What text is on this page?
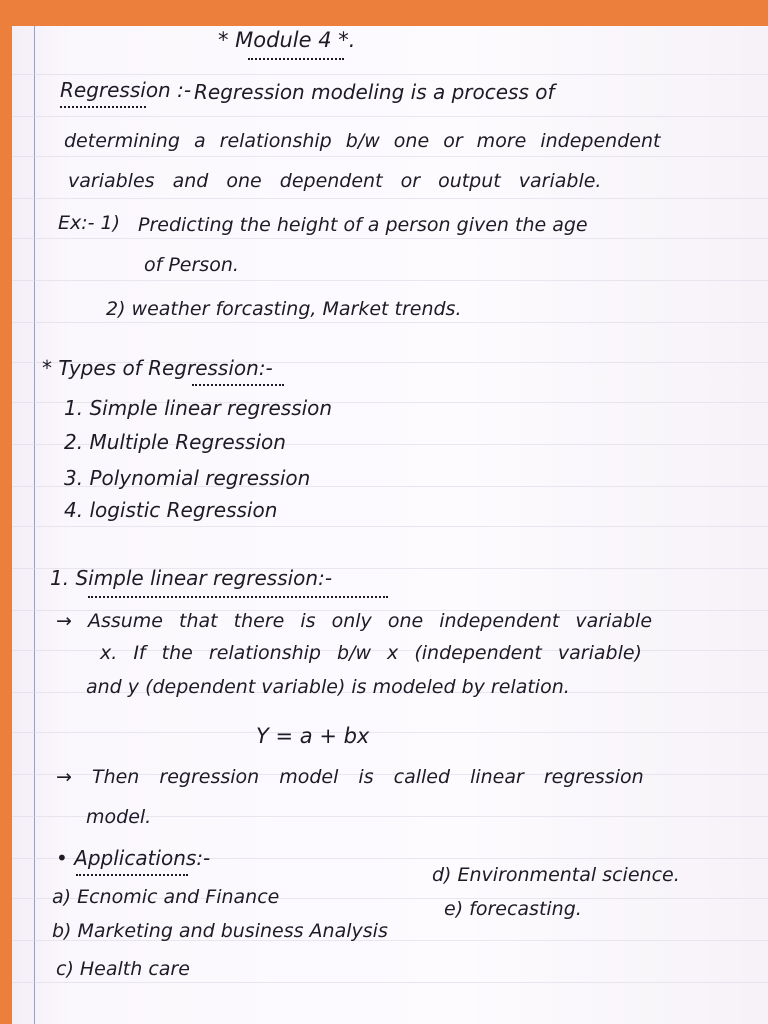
* Module 4 *.
Regression :- Regression modeling is a process of
determining a relationship b/w one or more independent
variables and one dependent or output variable.
Ex:- 1) Predicting the height of a person given the age
of Person.
2) weather forcasting, Market trends.
* Types of Regression:-
1. Simple linear regression
2. Multiple Regression
3. Polynomial regression
4. logistic Regression
1. Simple linear regression:-
→ Assume that there is only one independent variable
x. If the relationship b/w x (independent variable)
and y (dependent variable) is modeled by relation.
Y = a + bx
→ Then regression model is called linear regression
model.
• Applications:-
a) Ecnomic and Finance
b) Marketing and business Analysis
c) Health care
d) Environmental science.
e) forecasting.
